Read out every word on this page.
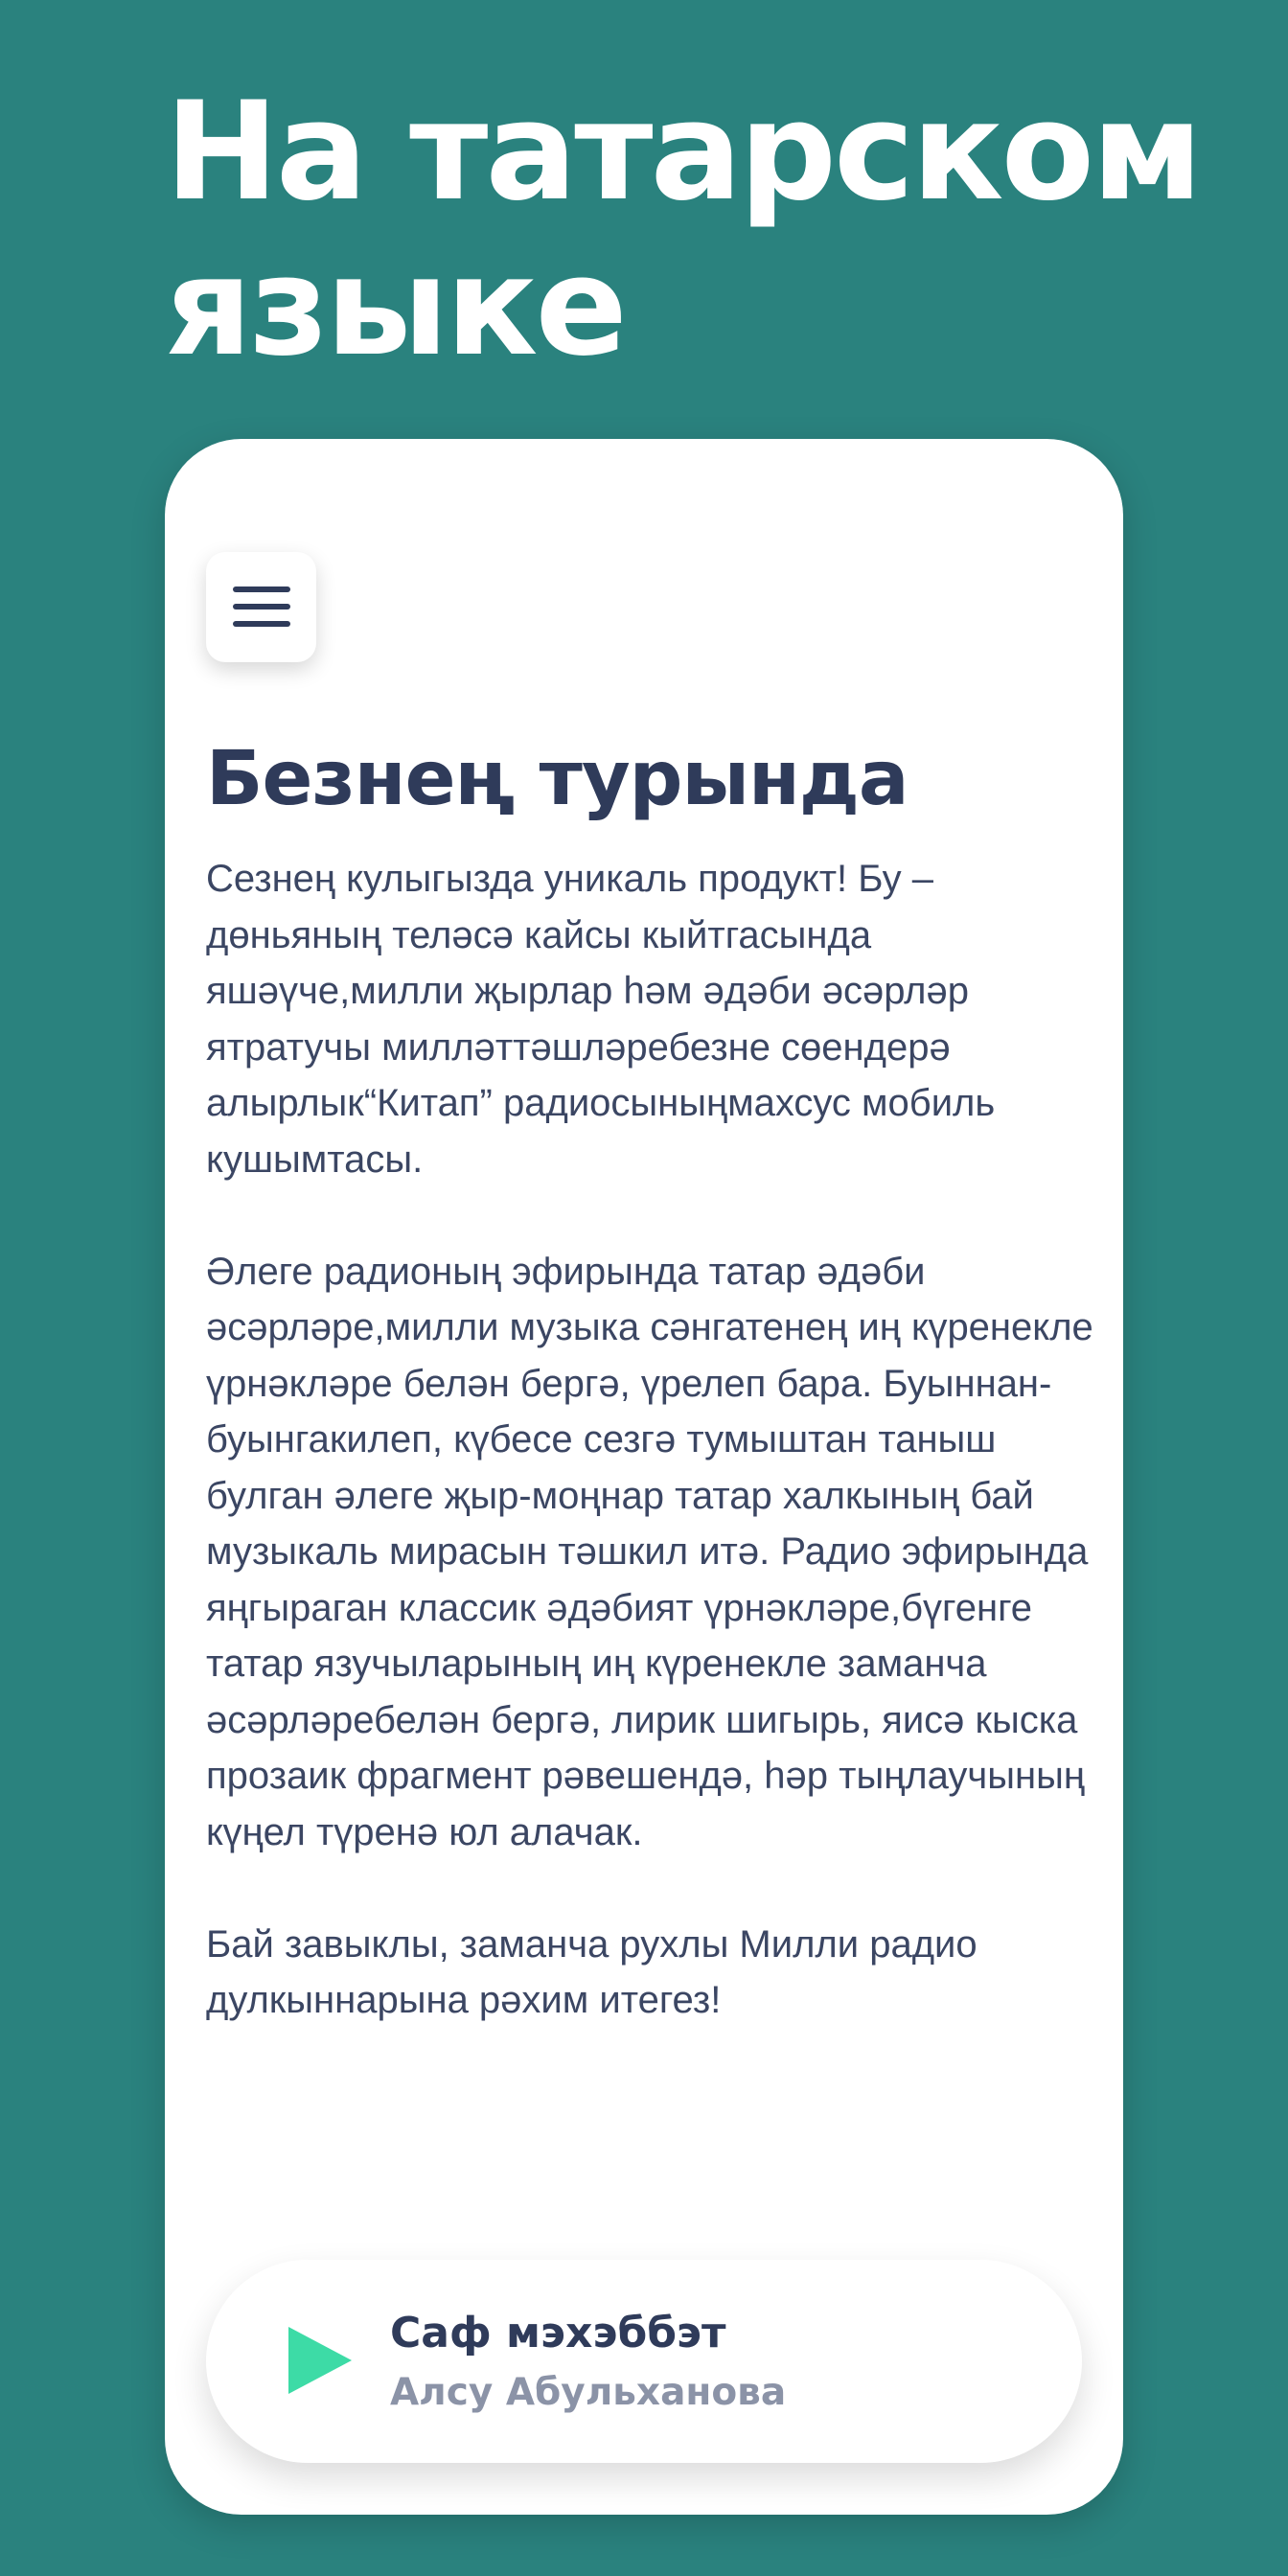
На татарском языке
Безнең турында

Сезнең кулыгызда уникаль продукт! Бу – дөньяның теләсә кайсы кыйтгасында яшәүче,милли җырлар һәм әдәби әсәрләр ятратучы милләттәшләребезне сөендерә алырлык“Китап” радиосыныңмахсус мобиль кушымтасы.

Әлеге радионың эфирында татар әдәби әсәрләре,милли музыка сәнгатенең иң күренекле үрнәкләре белән бергә, үрелеп бара. Буыннан-буынгакилеп, күбесе сезгә тумыштан таныш булган әлеге җыр-моңнар татар халкының бай музыкаль мирасын тәшкил итә. Радио эфирында яңгыраган классик әдәбият үрнәкләре,бүгенге татар язучыларының иң күренекле заманча әсәрләребелән бергә, лирик шигырь, яисә кыска прозаик фрагмент рәвешендә, һәр тыңлаучының күңел түренә юл алачак.

Бай завыклы, заманча рухлы Милли радио дулкыннарына рәхим итегез!

Саф мэхэббэт
Алсу Абульханова
